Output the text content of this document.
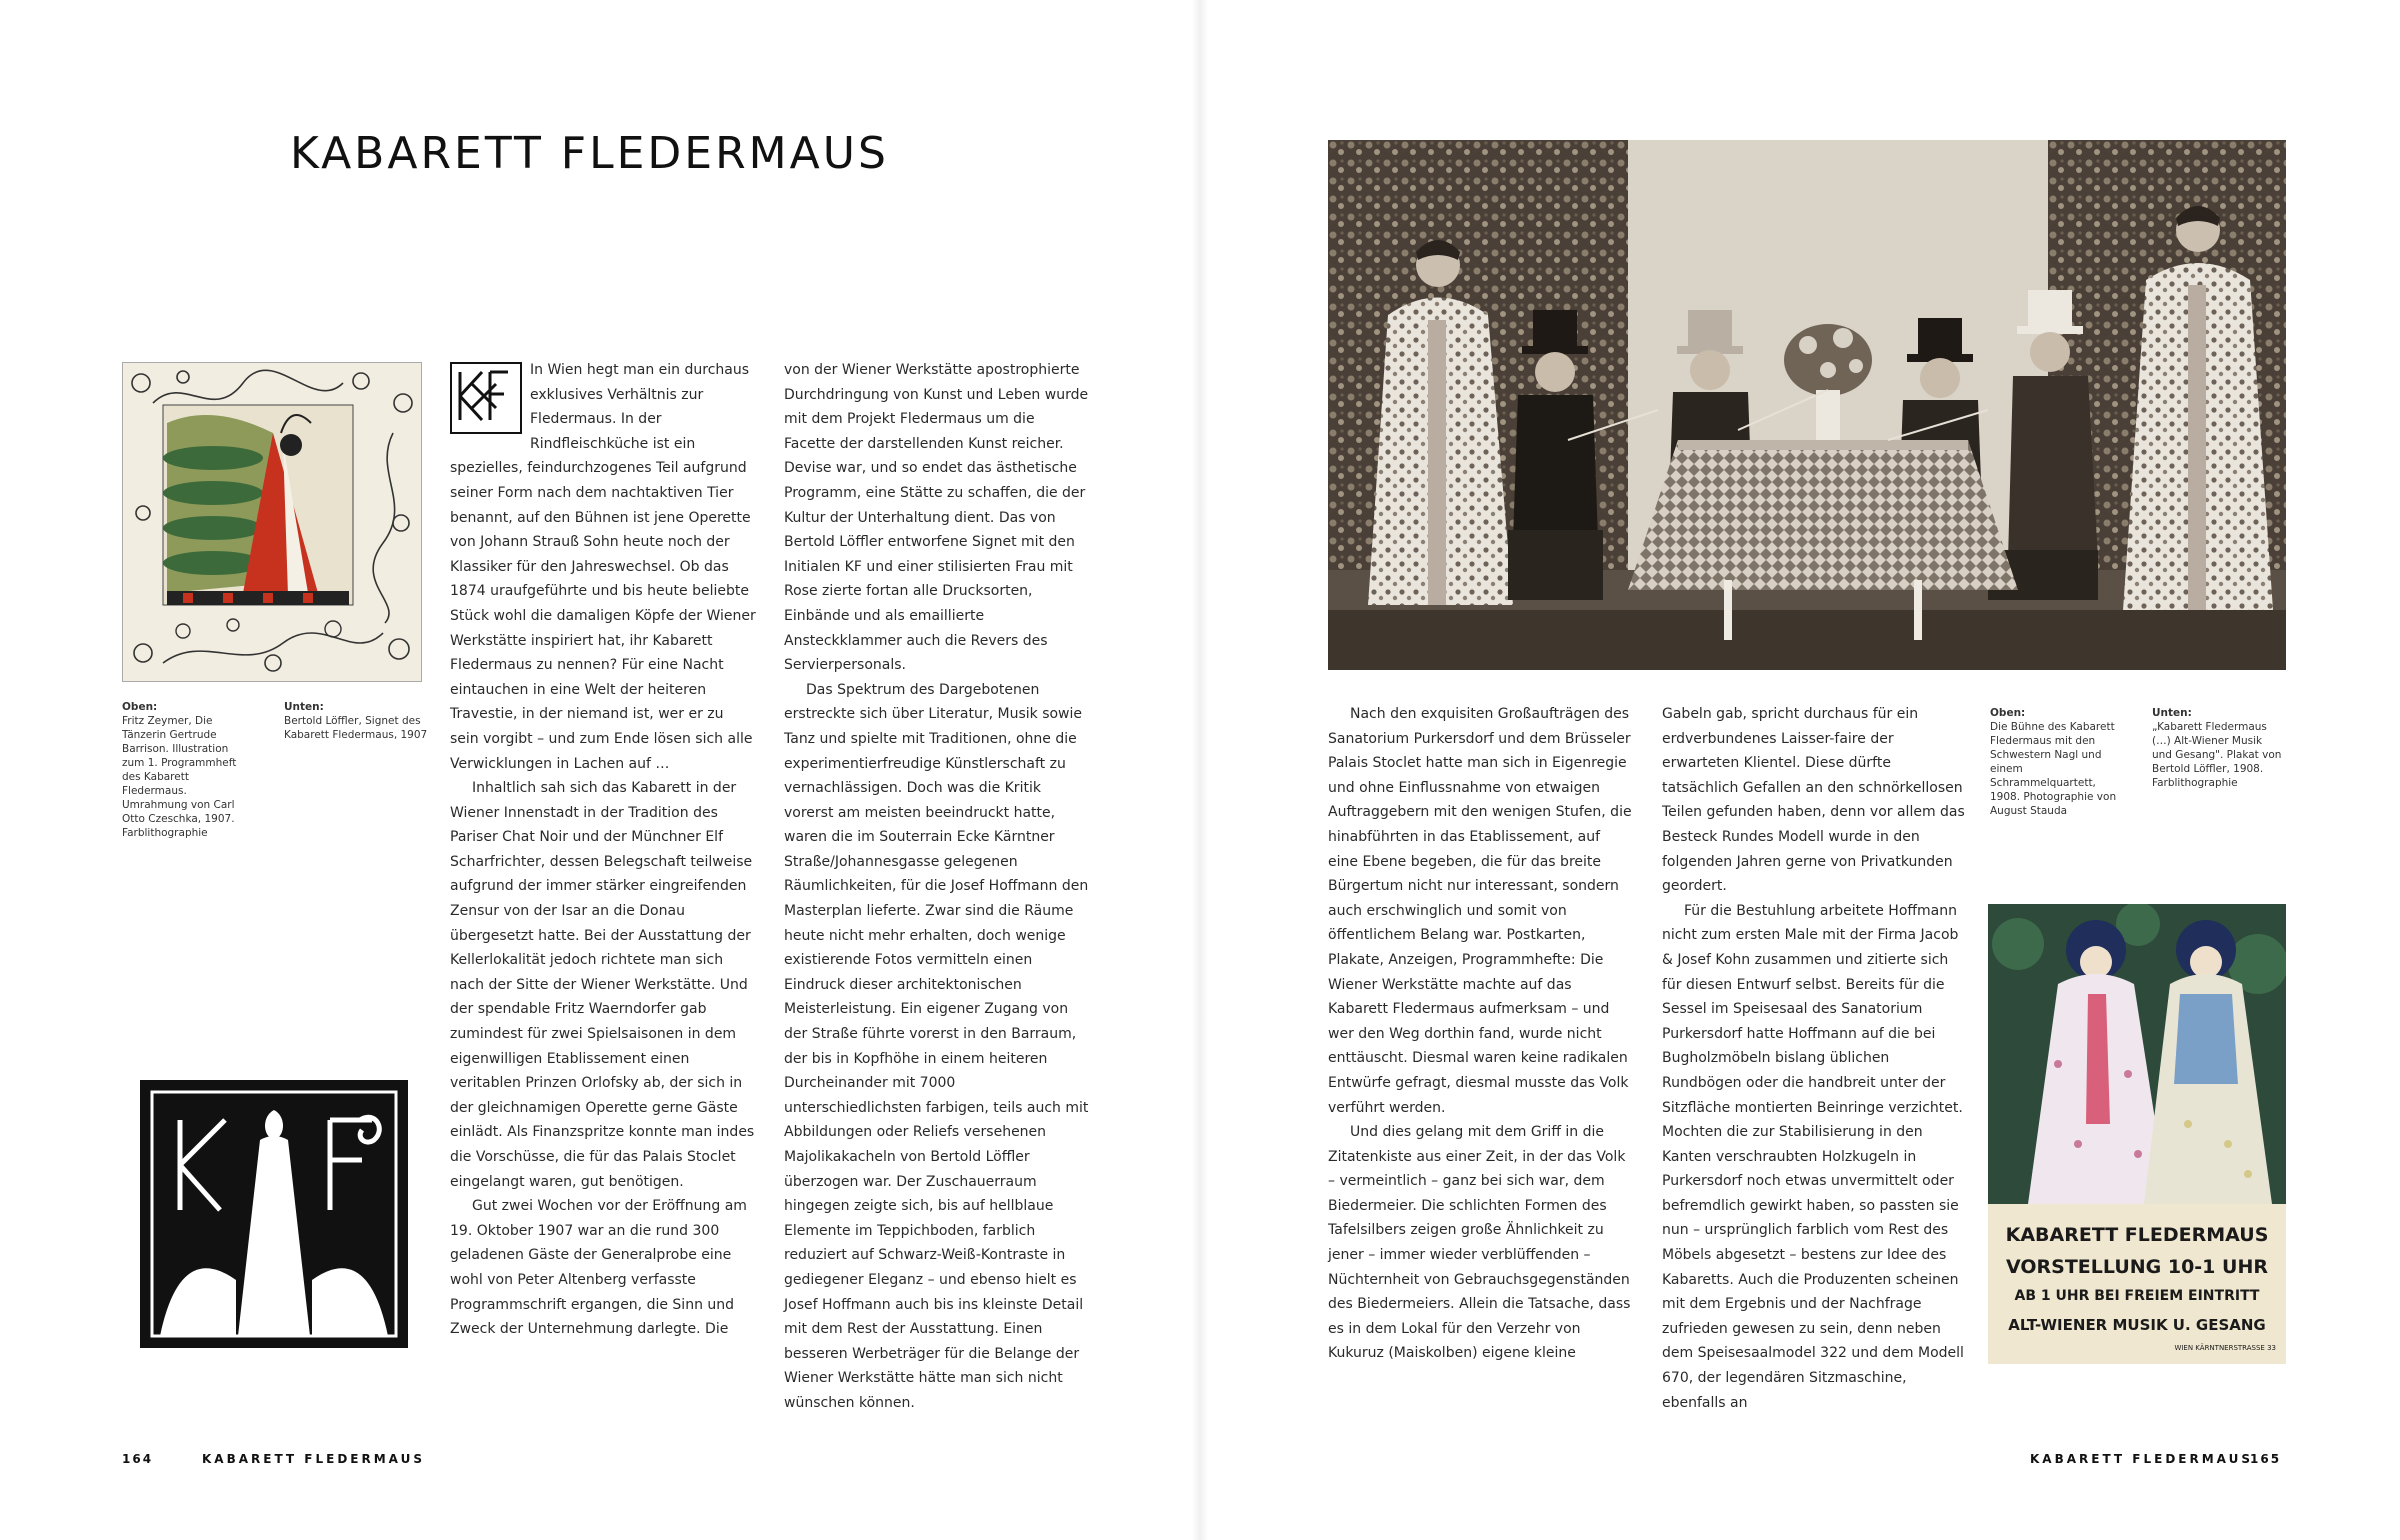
KABARETT FLEDERMAUS
Oben:
Fritz Zeymer, Die Tänzerin Gertrude Barrison. Illustration zum 1. Programmheft des Kabarett Fledermaus. Umrahmung von Carl Otto Czeschka, 1907. Farblithographie
Unten:
Bertold Löffler, Signet des Kabarett Fledermaus, 1907

In Wien hegt man ein durchaus exklusives Verhältnis zur Fledermaus. In der Rindfleischküche ist ein spezielles, feindurchzogenes Teil aufgrund seiner Form nach dem nachtaktiven Tier benannt, auf den Bühnen ist jene Operette von Johann Strauß Sohn heute noch der Klassiker für den Jahreswechsel. Ob das 1874 uraufgeführte und bis heute beliebte Stück wohl die damaligen Köpfe der Wiener Werkstätte inspiriert hat, ihr Kabarett Fledermaus zu nennen? Für eine Nacht eintauchen in eine Welt der heiteren Travestie, in der niemand ist, wer er zu sein vorgibt – und zum Ende lösen sich alle Verwicklungen in Lachen auf …

Inhaltlich sah sich das Kabarett in der Wiener Innenstadt in der Tradition des Pariser Chat Noir und der Münchner Elf Scharfrichter, dessen Belegschaft teilweise aufgrund der immer stärker eingreifenden Zensur von der Isar an die Donau übergesetzt hatte. Bei der Ausstattung der Kellerlokalität jedoch richtete man sich nach der Sitte der Wiener Werkstätte. Und der spendable Fritz Waerndorfer gab zumindest für zwei Spielsaisonen in dem eigenwilligen Etablissement einen veritablen Prinzen Orlofsky ab, der sich in der gleichnamigen Operette gerne Gäste einlädt. Als Finanzspritze konnte man indes die Vorschüsse, die für das Palais Stoclet eingelangt waren, gut benötigen.

Gut zwei Wochen vor der Eröffnung am 19. Oktober 1907 war an die rund 300 geladenen Gäste der Generalprobe eine wohl von Peter Altenberg verfasste Programmschrift ergangen, die Sinn und Zweck der Unternehmung darlegte. Die

von der Wiener Werkstätte apostrophierte Durchdringung von Kunst und Leben wurde mit dem Projekt Fledermaus um die Facette der darstellenden Kunst reicher. Devise war, und so endet das ästhetische Programm, eine Stätte zu schaffen, die der Kultur der Unterhaltung dient. Das von Bertold Löffler entworfene Signet mit den Initialen KF und einer stilisierten Frau mit Rose zierte fortan alle Drucksorten, Einbände und als emaillierte Ansteckklammer auch die Revers des Servierpersonals.

Das Spektrum des Dargebotenen erstreckte sich über Literatur, Musik sowie Tanz und spielte mit Traditionen, ohne die experimentierfreudige Künstlerschaft zu vernachlässigen. Doch was die Kritik vorerst am meisten beeindruckt hatte, waren die im Souterrain Ecke Kärntner Straße/Johannesgasse gelegenen Räumlichkeiten, für die Josef Hoffmann den Masterplan lieferte. Zwar sind die Räume heute nicht mehr erhalten, doch wenige existierende Fotos vermitteln einen Eindruck dieser architektonischen Meisterleistung. Ein eigener Zugang von der Straße führte vorerst in den Barraum, der bis in Kopfhöhe in einem heiteren Durcheinander mit 7000 unterschiedlichsten farbigen, teils auch mit Abbildungen oder Reliefs versehenen Majolikakacheln von Bertold Löffler überzogen war. Der Zuschauerraum hingegen zeigte sich, bis auf hellblaue Elemente im Teppichboden, farblich reduziert auf Schwarz-Weiß-Kontraste in gediegener Eleganz – und ebenso hielt es Josef Hoffmann auch bis ins kleinste Detail mit dem Rest der Ausstattung. Einen besseren Werbeträger für die Belange der Wiener Werkstätte hätte man sich nicht wünschen können.

164	KABARETT FLEDERMAUS

Nach den exquisiten Großaufträgen des Sanatorium Purkersdorf und dem Brüsseler Palais Stoclet hatte man sich in Eigenregie und ohne Einflussnahme von etwaigen Auftraggebern mit den wenigen Stufen, die hinabführten in das Etablissement, auf eine Ebene begeben, die für das breite Bürgertum nicht nur interessant, sondern auch erschwinglich und somit von öffentlichem Belang war. Postkarten, Plakate, Anzeigen, Programmhefte: Die Wiener Werkstätte machte auf das Kabarett Fledermaus aufmerksam – und wer den Weg dorthin fand, wurde nicht enttäuscht. Diesmal waren keine radikalen Entwürfe gefragt, diesmal musste das Volk verführt werden.

Und dies gelang mit dem Griff in die Zitatenkiste aus einer Zeit, in der das Volk – vermeintlich – ganz bei sich war, dem Biedermeier. Die schlichten Formen des Tafelsilbers zeigen große Ähnlichkeit zu jener – immer wieder verblüffenden – Nüchternheit von Gebrauchsgegenständen des Biedermeiers. Allein die Tatsache, dass es in dem Lokal für den Verzehr von Kukuruz (Maiskolben) eigene kleine

Gabeln gab, spricht durchaus für ein erdverbundenes Laisser-faire der erwarteten Klientel. Diese dürfte tatsächlich Gefallen an den schnörkellosen Teilen gefunden haben, denn vor allem das Besteck Rundes Modell wurde in den folgenden Jahren gerne von Privatkunden geordert.

Für die Bestuhlung arbeitete Hoffmann nicht zum ersten Male mit der Firma Jacob & Josef Kohn zusammen und zitierte sich für diesen Entwurf selbst. Bereits für die Sessel im Speisesaal des Sanatorium Purkersdorf hatte Hoffmann auf die bei Bugholzmöbeln bislang üblichen Rundbögen oder die handbreit unter der Sitzfläche montierten Beinringe verzichtet. Mochten die zur Stabilisierung in den Kanten verschraubten Holzkugeln in Purkersdorf noch etwas unvermittelt oder befremdlich gewirkt haben, so passten sie nun – ursprünglich farblich vom Rest des Möbels abgesetzt – bestens zur Idee des Kabaretts. Auch die Produzenten scheinen mit dem Ergebnis und der Nachfrage zufrieden gewesen zu sein, denn neben dem Speisesaalmodel 322 und dem Modell 670, der legendären Sitzmaschine, ebenfalls an

Oben:
Die Bühne des Kabarett Fledermaus mit den Schwestern Nagl und einem Schrammelquartett, 1908. Photographie von August Stauda
Unten:
„Kabarett Fledermaus (…) Alt-Wiener Musik und Gesang". Plakat von Bertold Löffler, 1908. Farblithographie
KABARETT FLEDERMAUS
VORSTELLUNG 10-1 UHR
AB 1 UHR BEI FREIEM EINTRITT
ALT-WIENER MUSIK U. GESANG
WIEN KÄRNTNERSTRASSE 33
KABARETT FLEDERMAUS
165
